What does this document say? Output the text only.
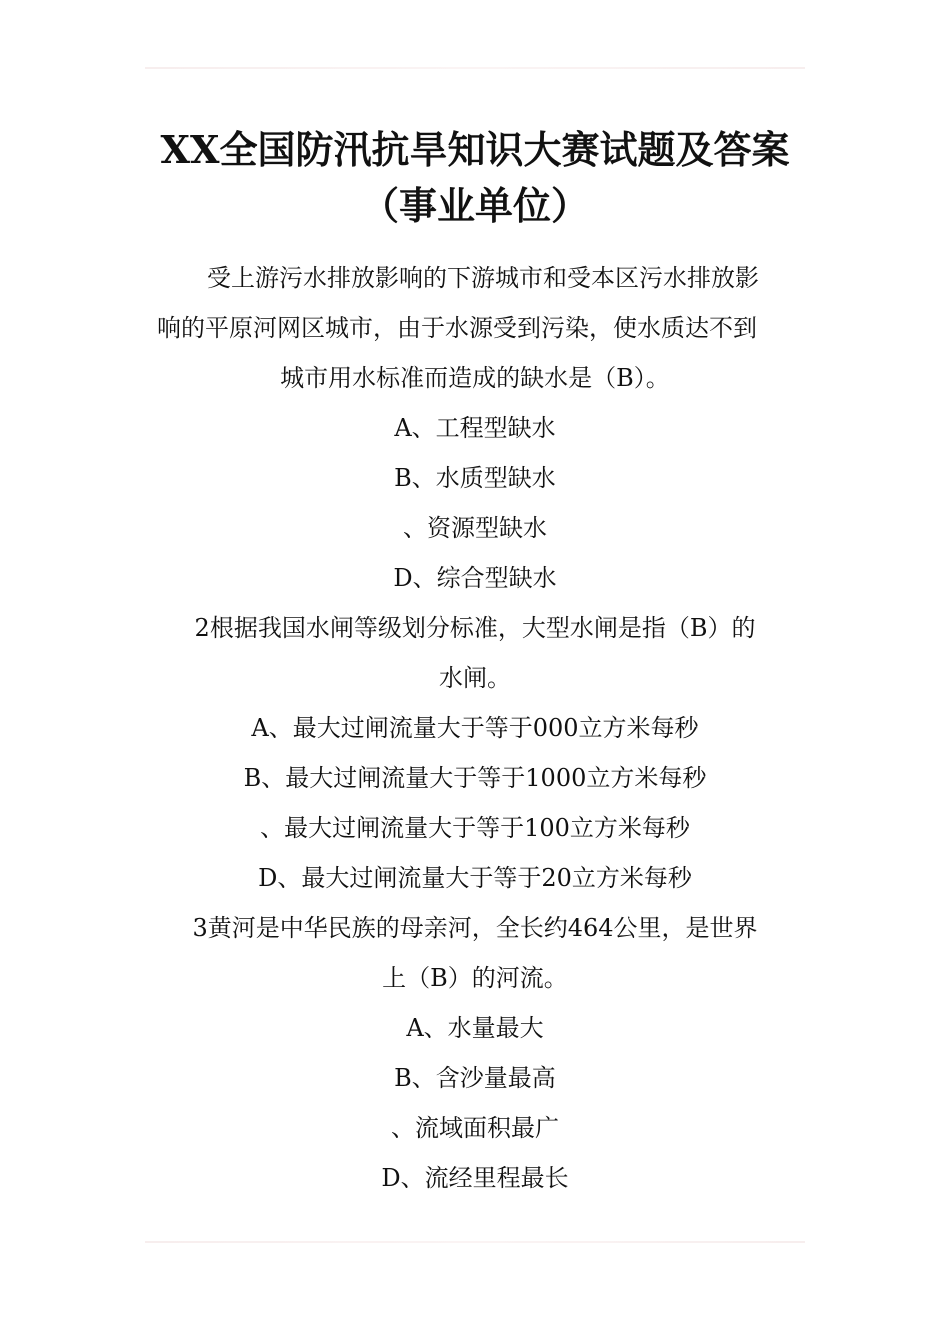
XX全国防汛抗旱知识大赛试题及答案
（事业单位）
受上游污水排放影响的下游城市和受本区污水排放影
响的平原河网区城市，由于水源受到污染，使水质达不到
城市用水标准而造成的缺水是（B）。
A、工程型缺水
B、水质型缺水
、资源型缺水
D、综合型缺水
2根据我国水闸等级划分标准，大型水闸是指（B）的
水闸。
A、最大过闸流量大于等于000立方米每秒
B、最大过闸流量大于等于1000立方米每秒
、最大过闸流量大于等于100立方米每秒
D、最大过闸流量大于等于20立方米每秒
3黄河是中华民族的母亲河，全长约464公里，是世界
上（B）的河流。
A、水量最大
B、含沙量最高
、流域面积最广
D、流经里程最长
